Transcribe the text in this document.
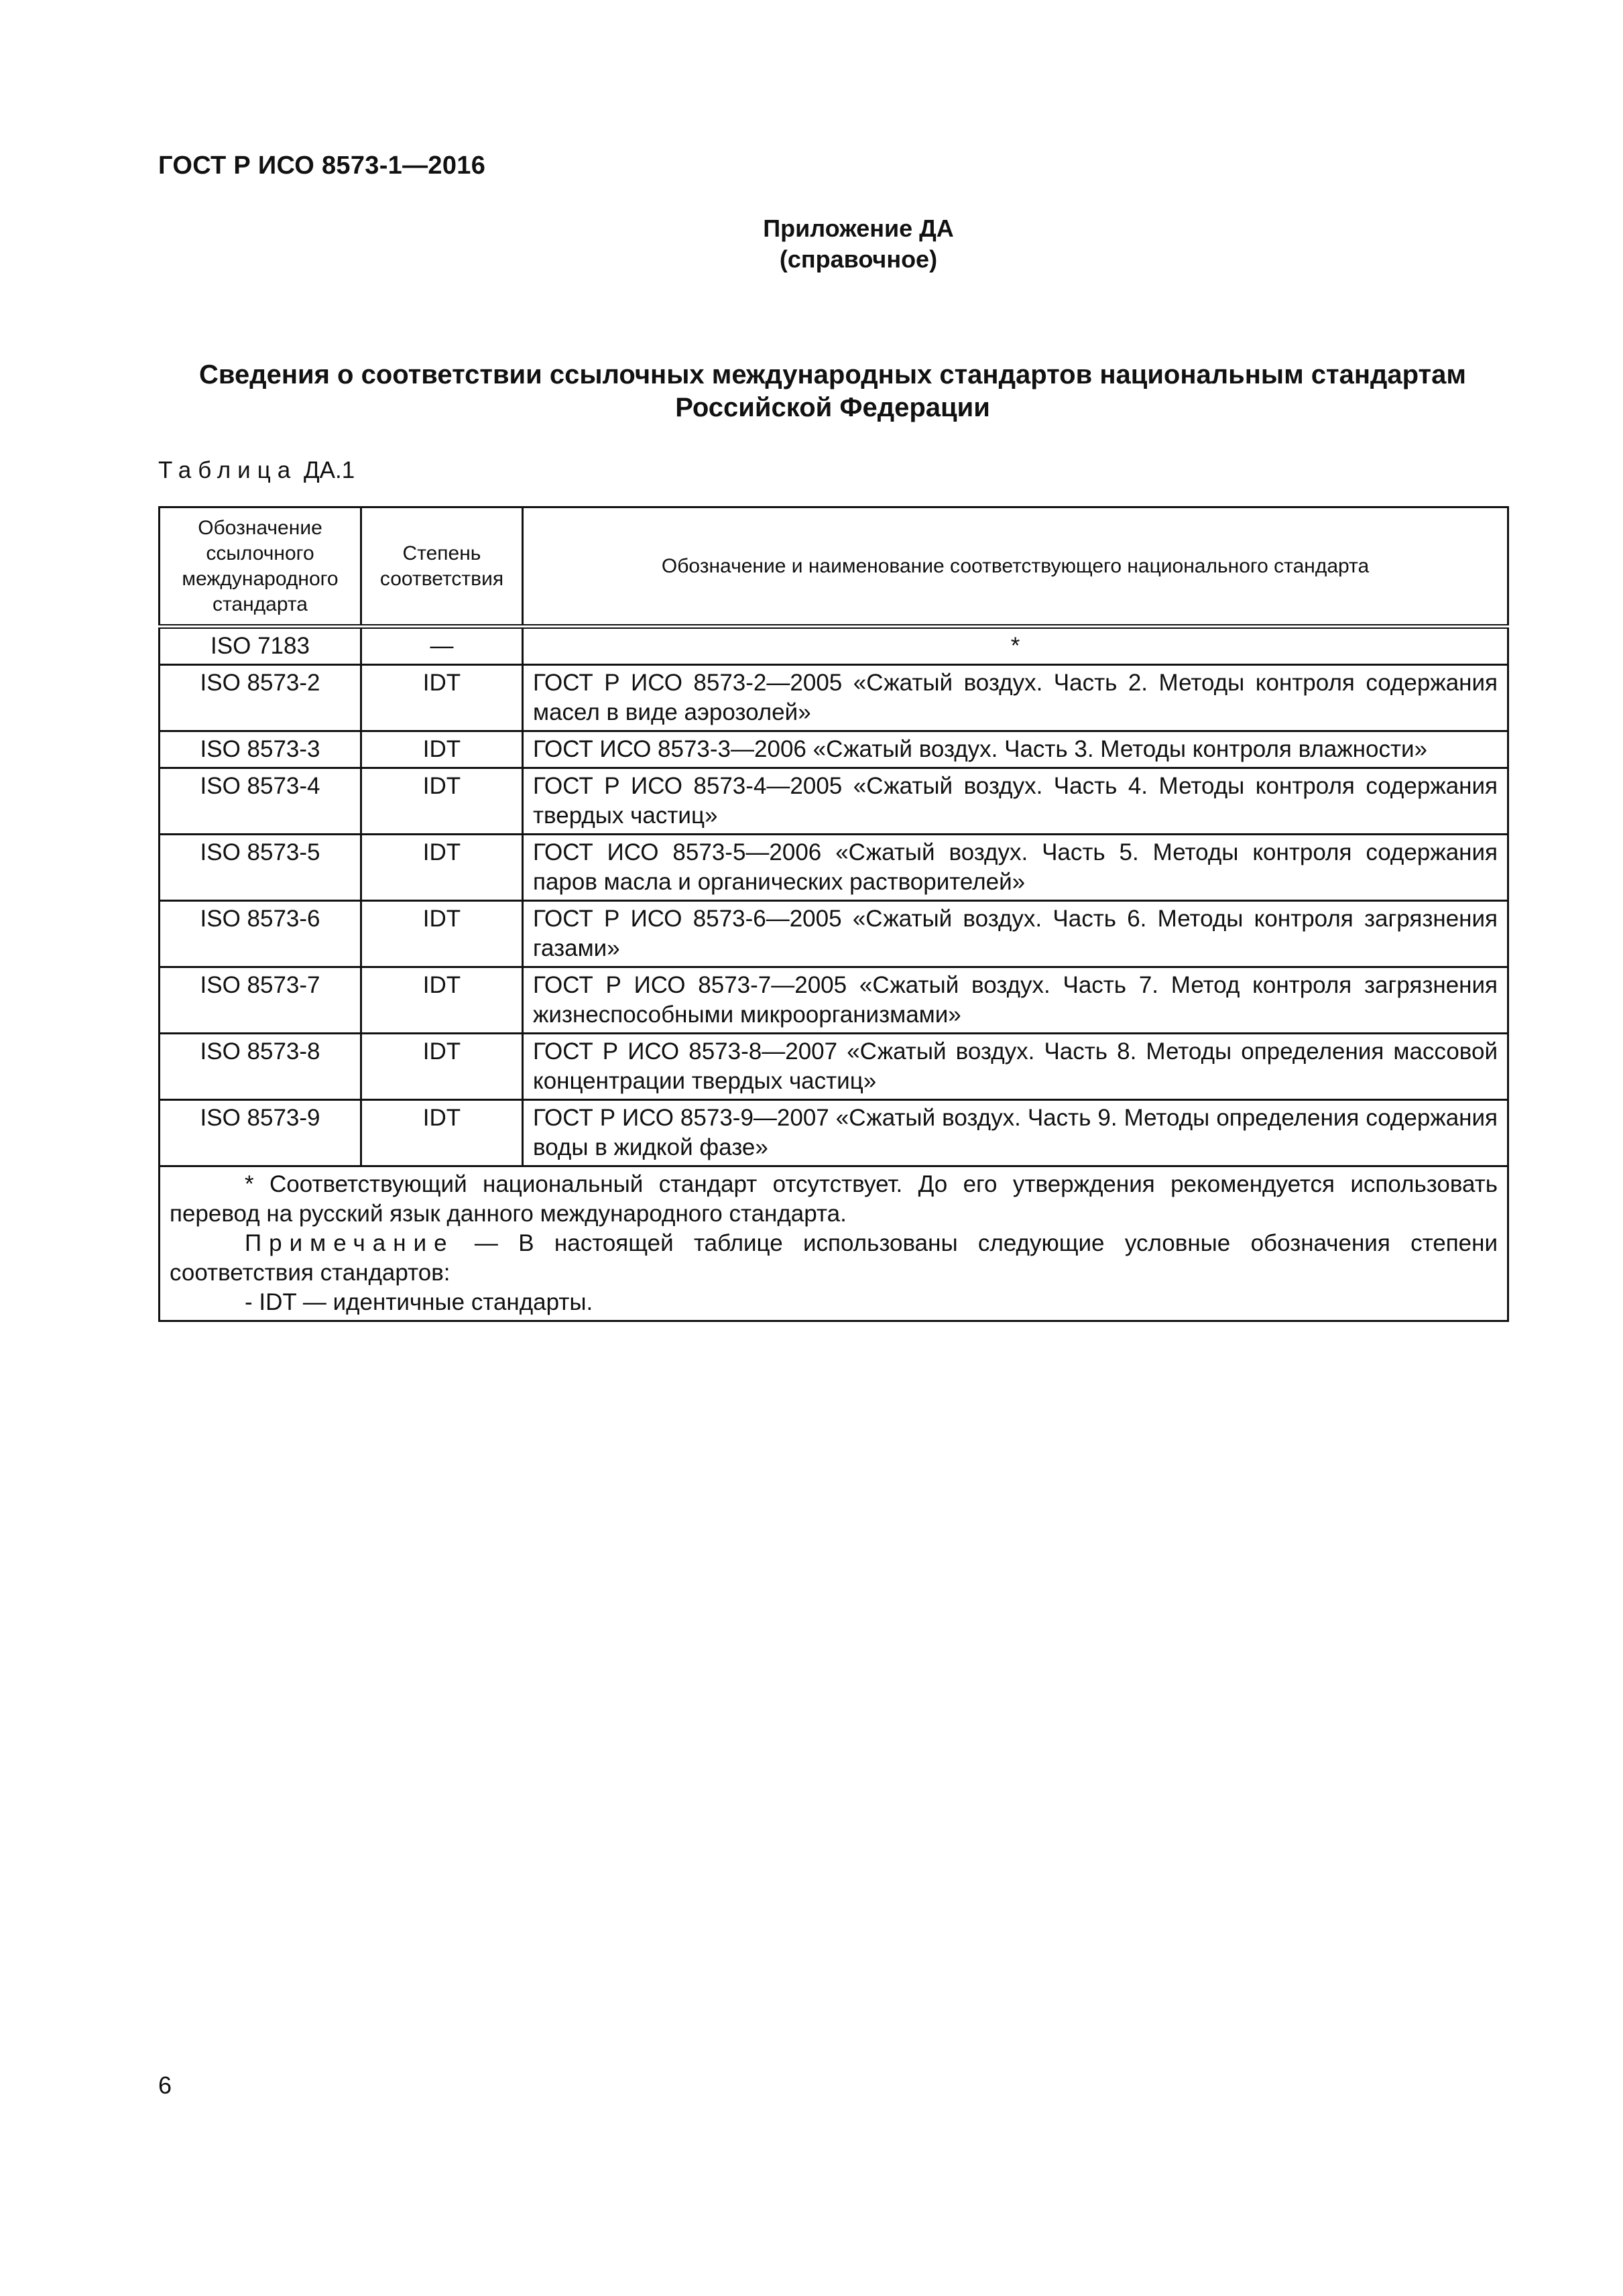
ГОСТ Р ИСО 8573-1—2016
Приложение ДА
(справочное)
Сведения о соответствии ссылочных международных стандартов национальным стандартам Российской Федерации
Таблица ДА.1
Обозначение ссылочного международного стандарта	Степень соответствия	Обозначение и наименование соответствующего национального стандарта
ISO 7183	—	*
ISO 8573-2	IDT	ГОСТ Р ИСО 8573-2—2005 «Сжатый воздух. Часть 2. Методы контроля содержания масел в виде аэрозолей»
ISO 8573-3	IDT	ГОСТ ИСО 8573-3—2006 «Сжатый воздух. Часть 3. Методы контроля влажности»
ISO 8573-4	IDT	ГОСТ Р ИСО 8573-4—2005 «Сжатый воздух. Часть 4. Методы контроля содержания твердых частиц»
ISO 8573-5	IDT	ГОСТ ИСО 8573-5—2006 «Сжатый воздух. Часть 5. Методы контроля содержания паров масла и органических растворителей»
ISO 8573-6	IDT	ГОСТ Р ИСО 8573-6—2005 «Сжатый воздух. Часть 6. Методы контроля загрязнения газами»
ISO 8573-7	IDT	ГОСТ Р ИСО 8573-7—2005 «Сжатый воздух. Часть 7. Метод контроля загрязнения жизнеспособными микроорганизмами»
ISO 8573-8	IDT	ГОСТ Р ИСО 8573-8—2007 «Сжатый воздух. Часть 8. Методы определения массовой концентрации твердых частиц»
ISO 8573-9	IDT	ГОСТ Р ИСО 8573-9—2007 «Сжатый воздух. Часть 9. Методы определения содержания воды в жидкой фазе»

* Соответствующий национальный стандарт отсутствует. До его утверждения рекомендуется использовать перевод на русский язык данного международного стандарта.

Примечание — В настоящей таблице использованы следующие условные обозначения степени соответствия стандартов:

- IDT — идентичные стандарты.		

6
